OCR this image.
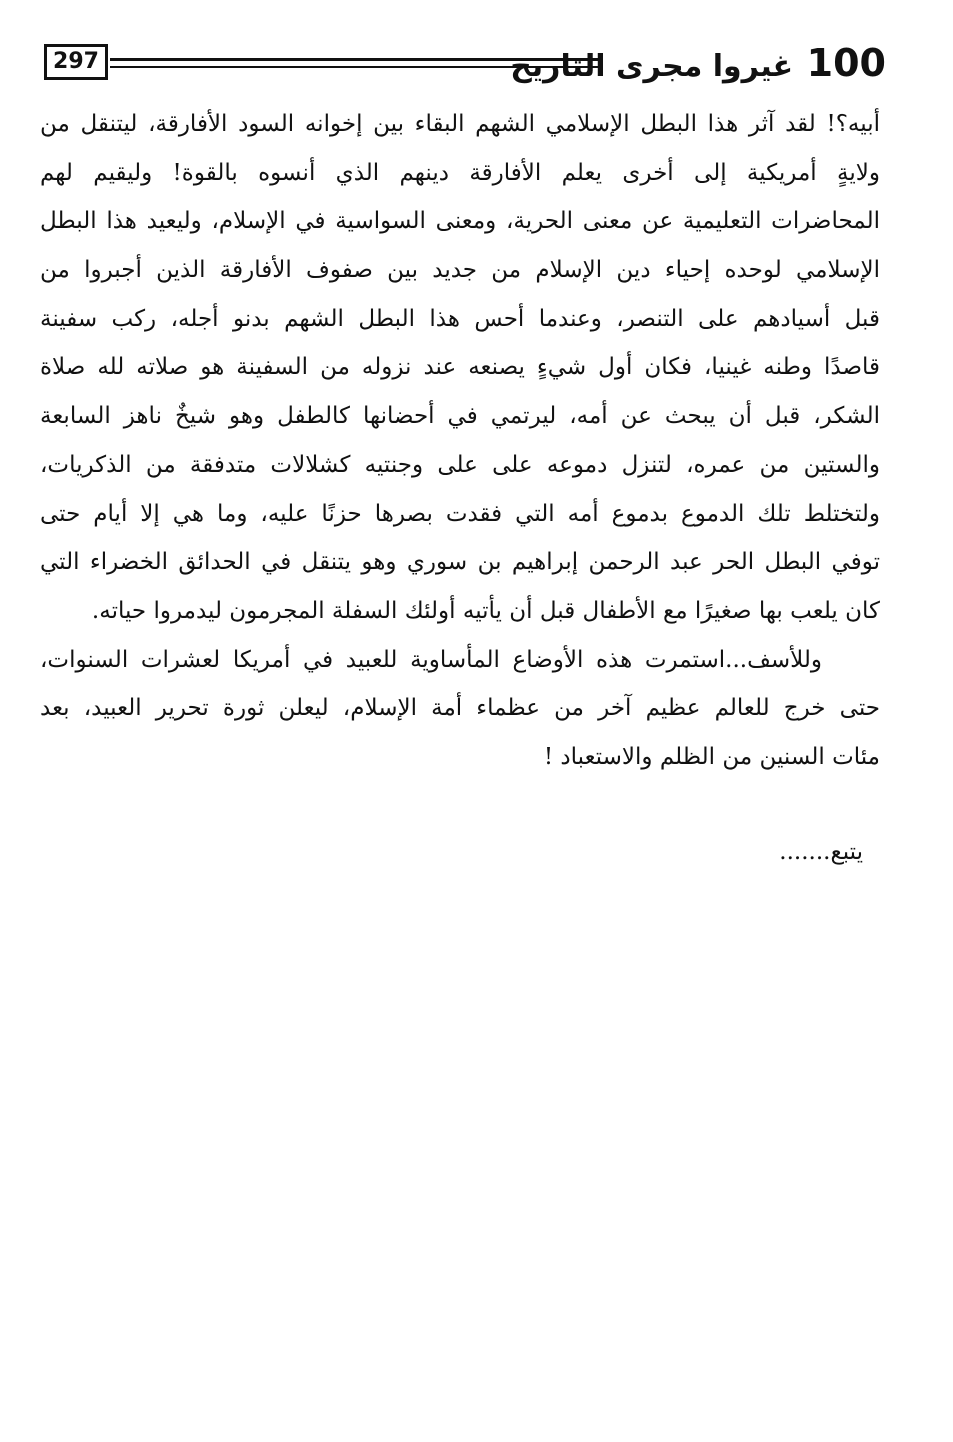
297	100 غيروا مجرى التاريخ
أبيه؟! لقد آثر هذا البطل الإسلامي الشهم البقاء بين إخوانه السود الأفارقة، ليتنقل من
ولايةٍ أمريكية إلى أخرى يعلم الأفارقة دينهم الذي أنسوه بالقوة! وليقيم لهم
المحاضرات التعليمية عن معنى الحرية، ومعنى السواسية في الإسلام، وليعيد هذا البطل
الإسلامي لوحده إحياء دين الإسلام من جديد بين صفوف الأفارقة الذين أجبروا من
قبل أسيادهم على التنصر، وعندما أحس هذا البطل الشهم بدنو أجله، ركب سفينة
قاصدًا وطنه غينيا، فكان أول شيءٍ يصنعه عند نزوله من السفينة هو صلاته لله صلاة
الشكر، قبل أن يبحث عن أمه، ليرتمي في أحضانها كالطفل وهو شيخٌ ناهز السابعة
والستين من عمره، لتنزل دموعه على على وجنتيه كشلالات متدفقة من الذكريات،
ولتختلط تلك الدموع بدموع أمه التي فقدت بصرها حزنًا عليه، وما هي إلا أيام حتى
توفي البطل الحر عبد الرحمن إبراهيم بن سوري وهو يتنقل في الحدائق الخضراء التي
كان يلعب بها صغيرًا مع الأطفال قبل أن يأتيه أولئك السفلة المجرمون ليدمروا حياته.
وللأسف...استمرت هذه الأوضاع المأساوية للعبيد في أمريكا لعشرات السنوات،
حتى خرج للعالم عظيم آخر من عظماء أمة الإسلام، ليعلن ثورة تحرير العبيد، بعد
مئات السنين من الظلم والاستعباد !
يتبع.......
